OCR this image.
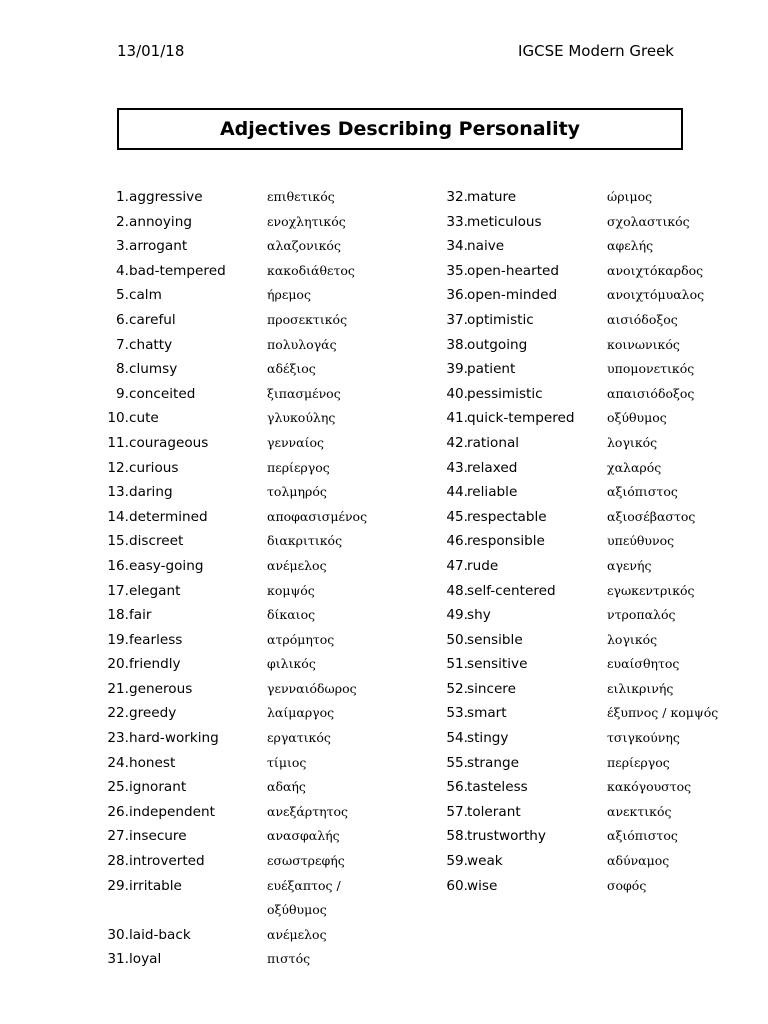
13/01/18	IGCSE Modern Greek
Adjectives Describing Personality
1. aggressive	επιθετικός
2. annoying	ενοχλητικός
3. arrogant	αλαζονικός
4. bad-tempered	κακοδιάθετος
5. calm	ήρεμος
6. careful	προσεκτικός
7. chatty	πολυλογάς
8. clumsy	αδέξιος
9. conceited	ξιπασμένος
10. cute	γλυκούλης
11. courageous	γενναίος
12. curious	περίεργος
13. daring	τολμηρός
14. determined	αποφασισμένος
15. discreet	διακριτικός
16. easy-going	ανέμελος
17. elegant	κομψός
18. fair	δίκαιος
19. fearless	ατρόμητος
20. friendly	φιλικός
21. generous	γενναιόδωρος
22. greedy	λαίμαργος
23. hard-working	εργατικός
24. honest	τίμιος
25. ignorant	αδαής
26. independent	ανεξάρτητος
27. insecure	ανασφαλής
28. introverted	εσωστρεφής
29. irritable	ευέξαπτος /
οξύθυμος
30. laid-back	ανέμελος
31. loyal	πιστός
32. mature	ώριμος
33. meticulous	σχολαστικός
34. naive	αφελής
35. open-hearted	ανοιχτόκαρδος
36. open-minded	ανοιχτόμυαλος
37. optimistic	αισιόδοξος
38. outgoing	κοινωνικός
39. patient	υπομονετικός
40. pessimistic	απαισιόδοξος
41. quick-tempered	οξύθυμος
42. rational	λογικός
43. relaxed	χαλαρός
44. reliable	αξιόπιστος
45. respectable	αξιοσέβαστος
46. responsible	υπεύθυνος
47. rude	αγενής
48. self-centered	εγωκεντρικός
49. shy	ντροπαλός
50. sensible	λογικός
51. sensitive	ευαίσθητος
52. sincere	ειλικρινής
53. smart	έξυπνος / κομψός
54. stingy	τσιγκούνης
55. strange	περίεργος
56. tasteless	κακόγουστος
57. tolerant	ανεκτικός
58. trustworthy	αξιόπιστος
59. weak	αδύναμος
60. wise	σοφός
